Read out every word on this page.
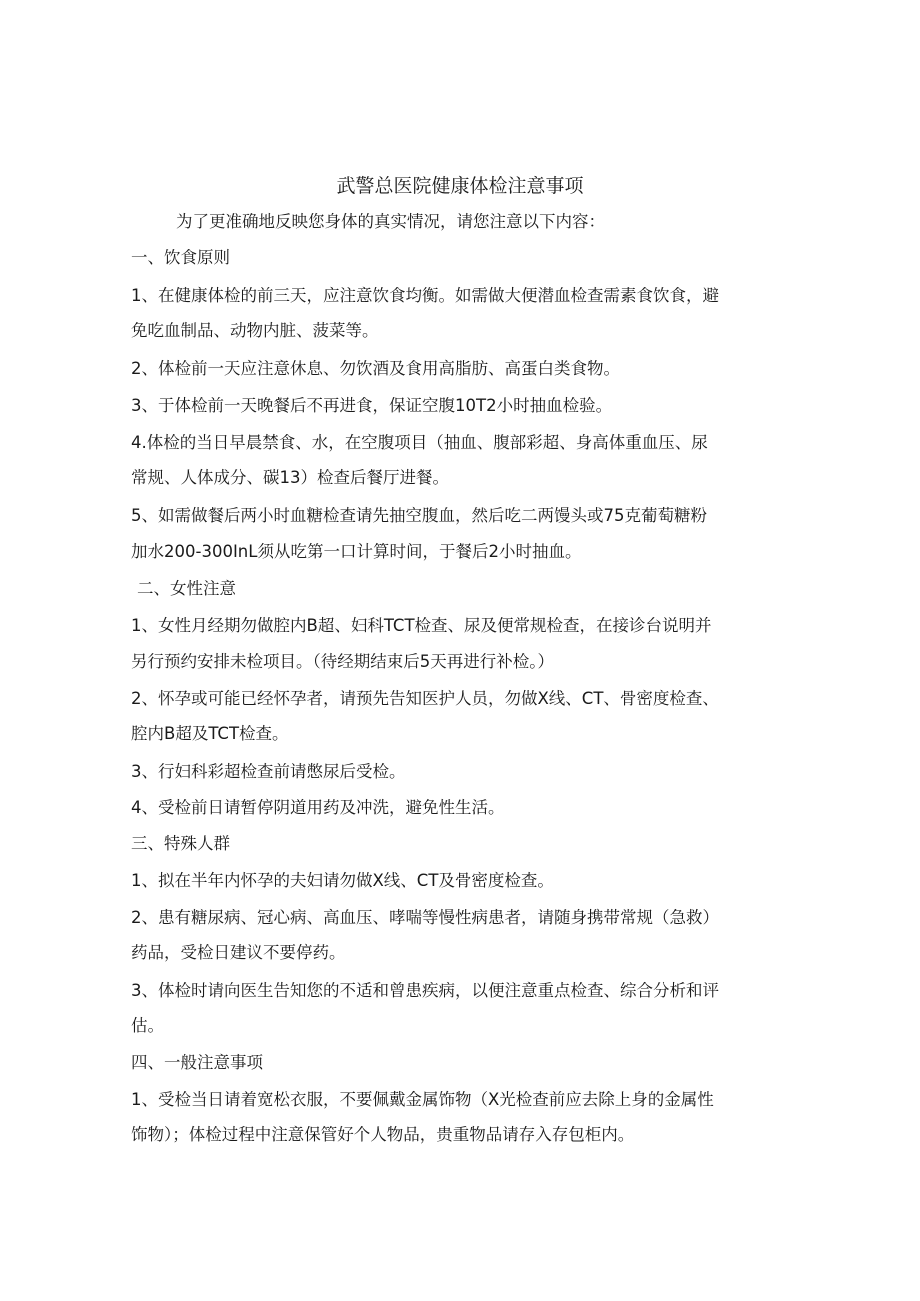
武警总医院健康体检注意事项
为了更准确地反映您身体的真实情况，请您注意以下内容：
一、饮食原则
1、在健康体检的前三天，应注意饮食均衡。如需做大便潜血检查需素食饮食，避
免吃血制品、动物内脏、菠菜等。
2、体检前一天应注意休息、勿饮酒及食用高脂肪、高蛋白类食物。
3、于体检前一天晚餐后不再进食，保证空腹10T2小时抽血检验。
4.体检的当日早晨禁食、水，在空腹项目（抽血、腹部彩超、身高体重血压、尿
常规、人体成分、碳13）检查后餐厅进餐。
5、如需做餐后两小时血糖检查请先抽空腹血，然后吃二两馒头或75克葡萄糖粉
加水200-300InL须从吃第一口计算时间，于餐后2小时抽血。
二、女性注意
1、女性月经期勿做腔内B超、妇科TCT检查、尿及便常规检查，在接诊台说明并
另行预约安排未检项目。（待经期结束后5天再进行补检。）
2、怀孕或可能已经怀孕者，请预先告知医护人员，勿做X线、CT、骨密度检查、
腔内B超及TCT检查。
3、行妇科彩超检查前请憋尿后受检。
4、受检前日请暂停阴道用药及冲洗，避免性生活。
三、特殊人群
1、拟在半年内怀孕的夫妇请勿做X线、CT及骨密度检查。
2、患有糖尿病、冠心病、高血压、哮喘等慢性病患者，请随身携带常规（急救）
药品，受检日建议不要停药。
3、体检时请向医生告知您的不适和曾患疾病，以便注意重点检查、综合分析和评
估。
四、一般注意事项
1、受检当日请着宽松衣服，不要佩戴金属饰物（X光检查前应去除上身的金属性
饰物）；体检过程中注意保管好个人物品，贵重物品请存入存包柜内。
